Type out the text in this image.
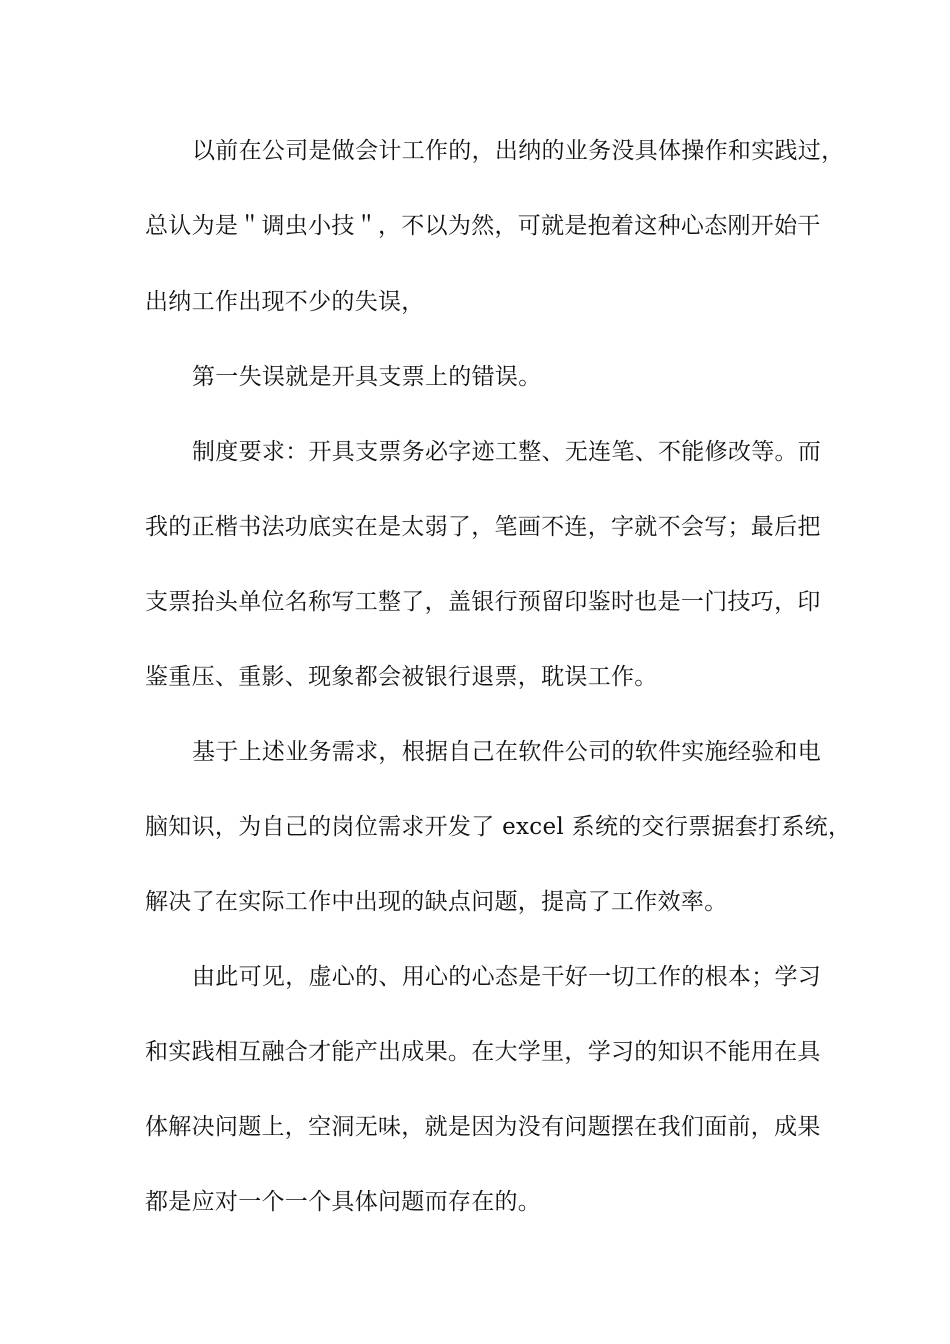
以前在公司是做会计工作的，出纳的业务没具体操作和实践过，
总认为是＂调虫小技＂，不以为然，可就是抱着这种心态刚开始干
出纳工作出现不少的失误，
第一失误就是开具支票上的错误。
制度要求：开具支票务必字迹工整、无连笔、不能修改等。而
我的正楷书法功底实在是太弱了，笔画不连，字就不会写；最后把
支票抬头单位名称写工整了，盖银行预留印鉴时也是一门技巧，印
鉴重压、重影、现象都会被银行退票，耽误工作。
基于上述业务需求，根据自己在软件公司的软件实施经验和电
脑知识，为自己的岗位需求开发了 excel 系统的交行票据套打系统，
解决了在实际工作中出现的缺点问题，提高了工作效率。
由此可见，虚心的、用心的心态是干好一切工作的根本；学习
和实践相互融合才能产出成果。在大学里，学习的知识不能用在具
体解决问题上，空洞无味，就是因为没有问题摆在我们面前，成果
都是应对一个一个具体问题而存在的。
